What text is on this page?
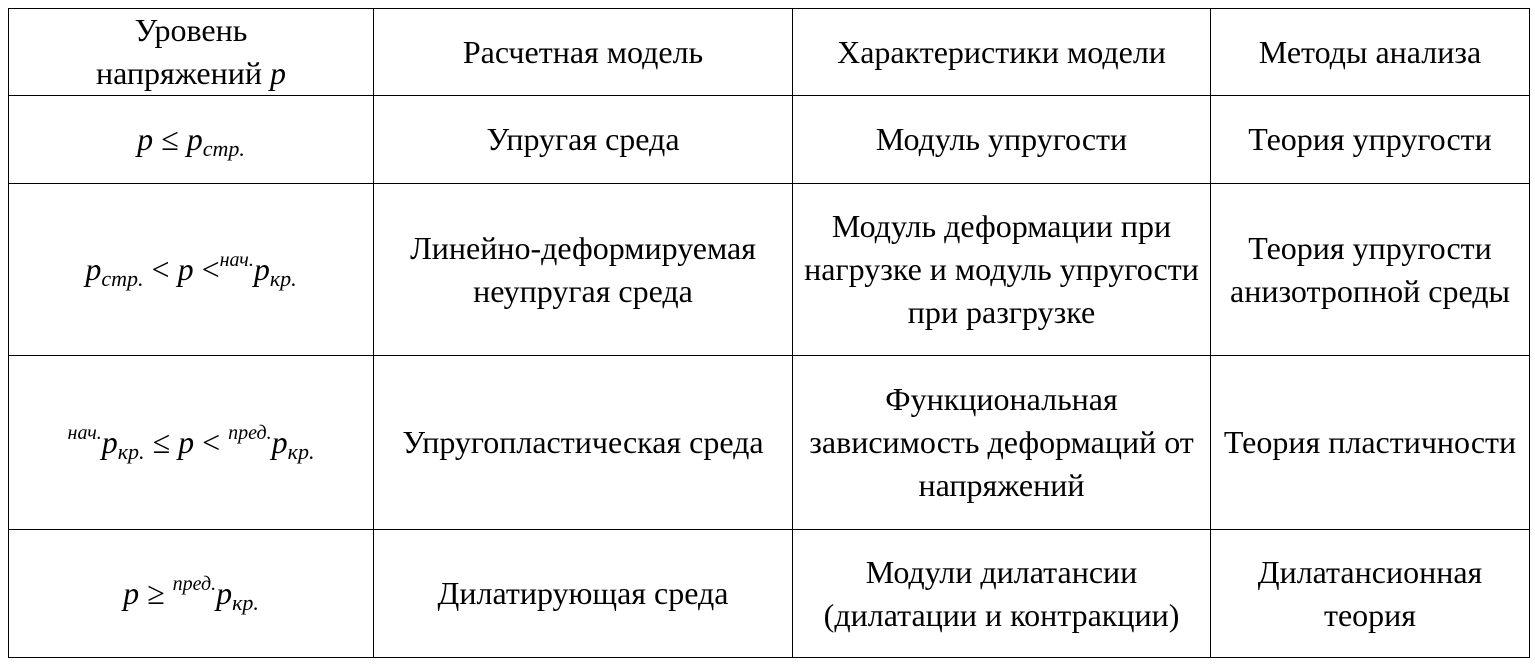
Уровень
напряжений p	Расчетная модель	Характеристики модели	Методы анализа
$p \le p_{стр.}$	Упругая среда	Модуль упругости	Теория упругости
$p_{стр.} < p <^{нач.}p_{кр.}$	Линейно-деформируемая неупругая среда	Модуль деформации при нагрузке и модуль упругости при разгрузке	Теория упругости анизотропной среды
$^{нач.}p_{кр.} \le p < ^{пред.}p_{кр.}$	Упругопластическая среда	Функциональная зависимость деформаций от напряжений	Теория пластичности
$p \ge ^{пред.}p_{кр.}$	Дилатирующая среда	Модули дилатансии (дилатации и контракции)	Дилатансионная теория
